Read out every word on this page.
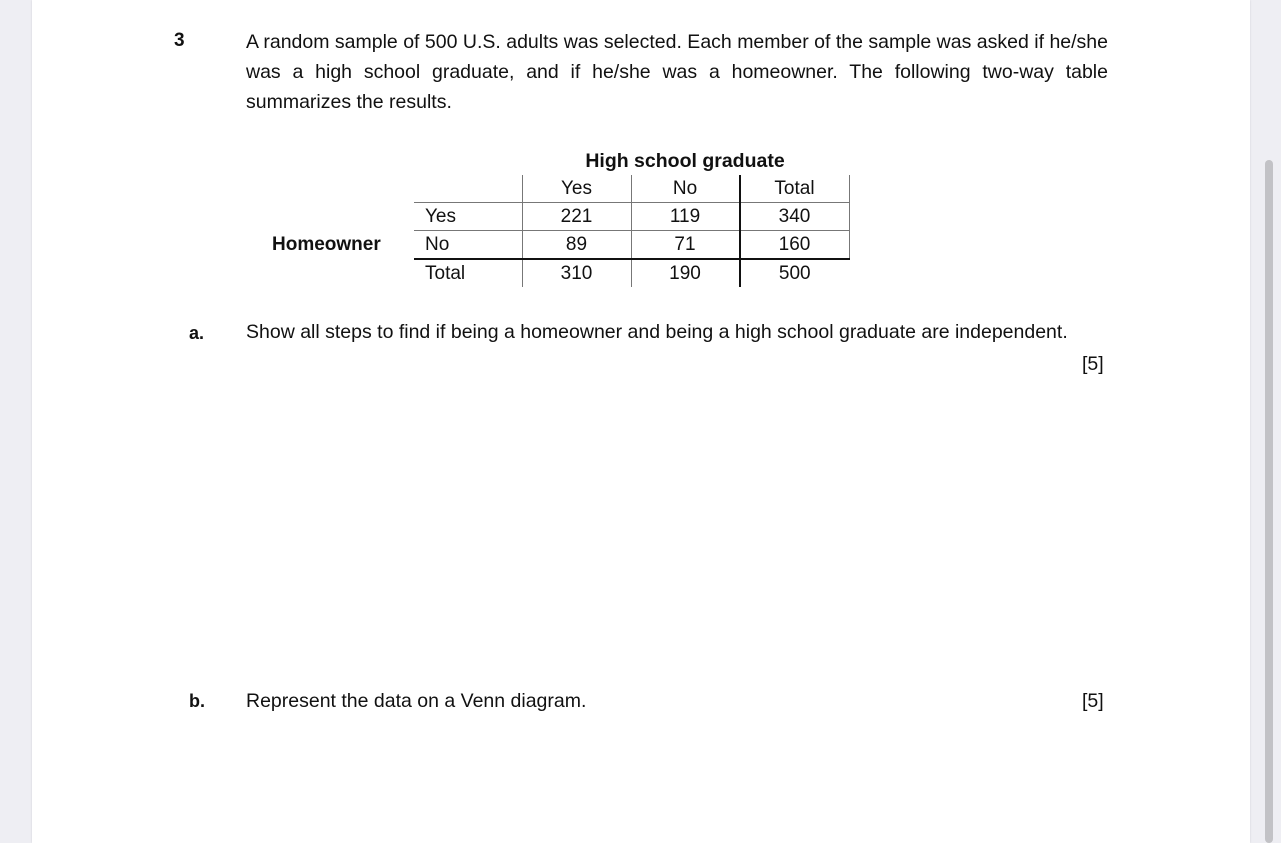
3	A random sample of 500 U.S. adults was selected. Each member of the sample was asked if he/she was a high school graduate, and if he/she was a homeowner. The following two-way table summarizes the results.
High school graduate
Homeowner
	Yes	No	Total
Yes	221	119	340
No	89	71	160
Total	310	190	500
a. Show all steps to find if being a homeowner and being a high school graduate are independent.
[5]
b. Represent the data on a Venn diagram.	[5]
